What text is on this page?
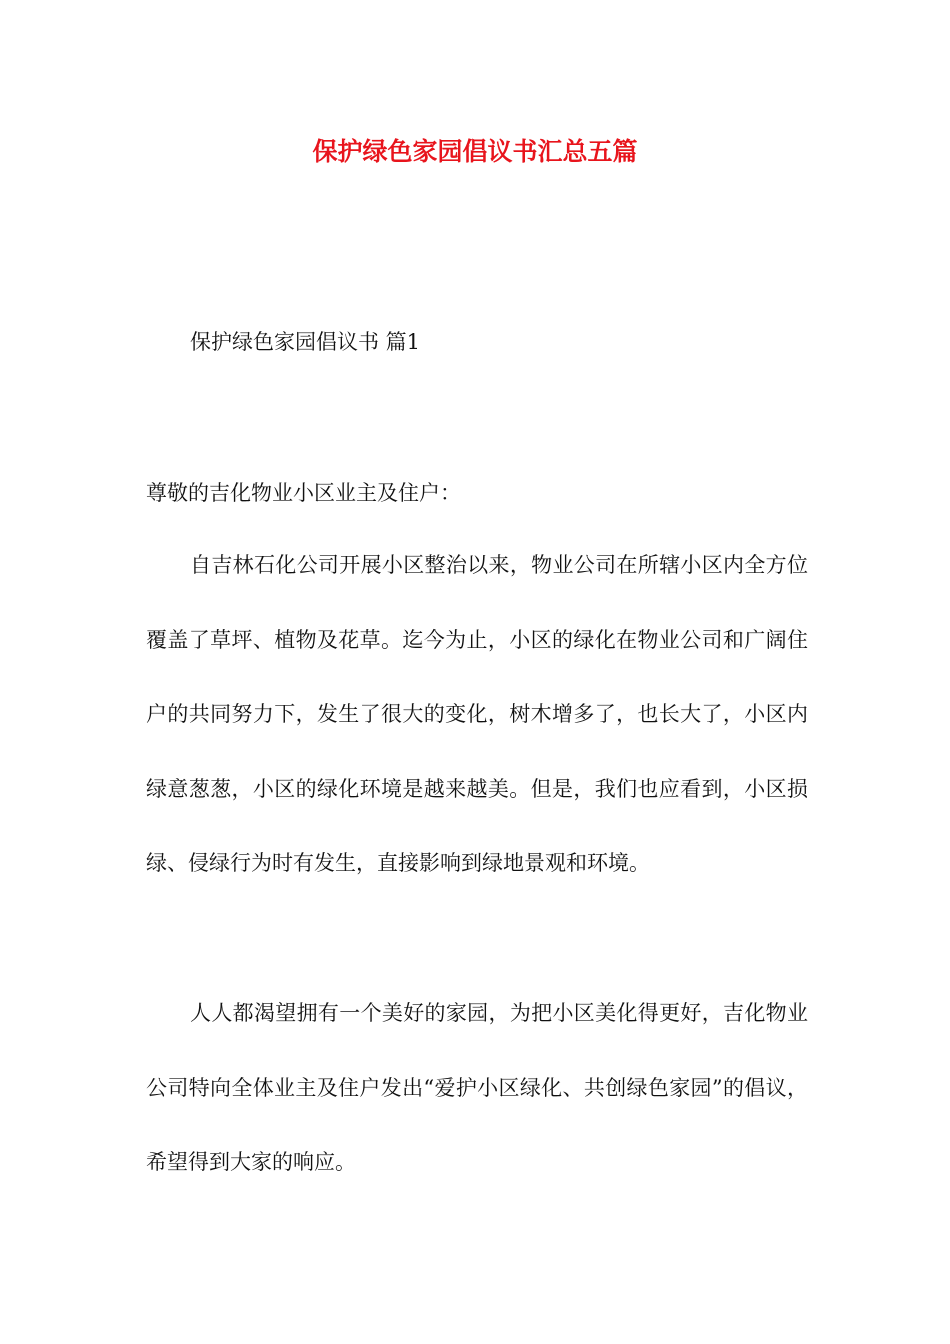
保护绿色家园倡议书汇总五篇

保护绿色家园倡议书 篇1

尊敬的吉化物业小区业主及住户：

自吉林石化公司开展小区整治以来，物业公司在所辖小区内全方位覆盖了草坪、植物及花草。迄今为止，小区的绿化在物业公司和广阔住户的共同努力下，发生了很大的变化，树木增多了，也长大了，小区内绿意葱葱，小区的绿化环境是越来越美。但是，我们也应看到，小区损绿、侵绿行为时有发生，直接影响到绿地景观和环境。

人人都渴望拥有一个美好的家园，为把小区美化得更好，吉化物业公司特向全体业主及住户发出“爱护小区绿化、共创绿色家园”的倡议，希望得到大家的响应。
